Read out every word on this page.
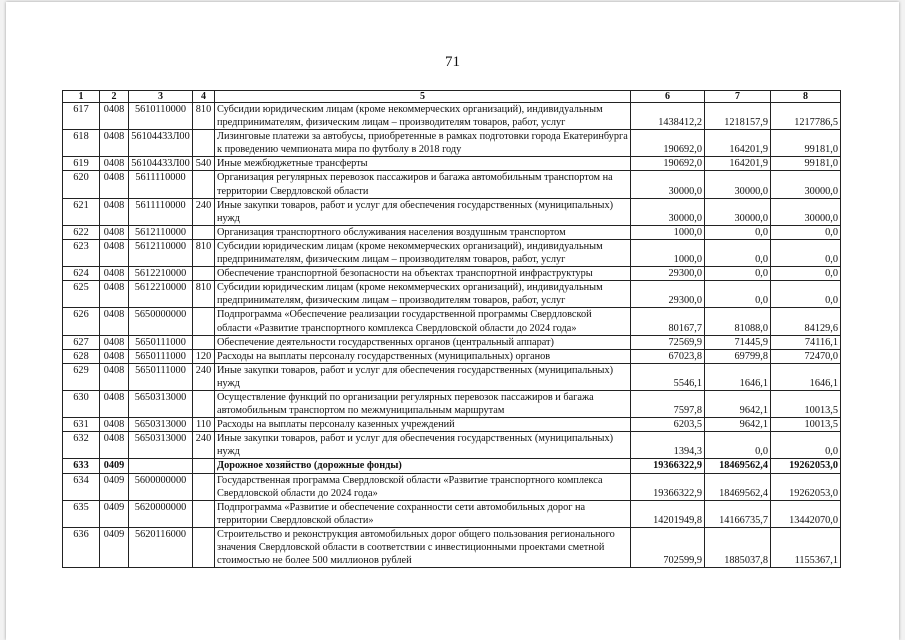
71
1	2	3	4	5	6	7	8
617	0408	5610110000	810	Субсидии юридическим лицам (кроме некоммерческих организаций), индивидуальным предпринимателям, физическим лицам – производителям товаров, работ, услуг	1438412,2	1218157,9	1217786,5
618	0408	56104433Л00		Лизинговые платежи за автобусы, приобретенные в рамках подготовки города Екатеринбурга к проведению чемпионата мира по футболу в 2018 году	190692,0	164201,9	99181,0
619	0408	56104433Л00	540	Иные межбюджетные трансферты	190692,0	164201,9	99181,0
620	0408	5611110000		Организация регулярных перевозок пассажиров и багажа автомобильным транспортом на территории Свердловской области	30000,0	30000,0	30000,0
621	0408	5611110000	240	Иные закупки товаров, работ и услуг для обеспечения государственных (муниципальных) нужд	30000,0	30000,0	30000,0
622	0408	5612110000		Организация транспортного обслуживания населения воздушным транспортом	1000,0	0,0	0,0
623	0408	5612110000	810	Субсидии юридическим лицам (кроме некоммерческих организаций), индивидуальным предпринимателям, физическим лицам – производителям товаров, работ, услуг	1000,0	0,0	0,0
624	0408	5612210000		Обеспечение транспортной безопасности на объектах транспортной инфраструктуры	29300,0	0,0	0,0
625	0408	5612210000	810	Субсидии юридическим лицам (кроме некоммерческих организаций), индивидуальным предпринимателям, физическим лицам – производителям товаров, работ, услуг	29300,0	0,0	0,0
626	0408	5650000000		Подпрограмма «Обеспечение реализации государственной программы Свердловской области «Развитие транспортного комплекса Свердловской области до 2024 года»	80167,7	81088,0	84129,6
627	0408	5650111000		Обеспечение деятельности государственных органов (центральный аппарат)	72569,9	71445,9	74116,1
628	0408	5650111000	120	Расходы на выплаты персоналу государственных (муниципальных) органов	67023,8	69799,8	72470,0
629	0408	5650111000	240	Иные закупки товаров, работ и услуг для обеспечения государственных (муниципальных) нужд	5546,1	1646,1	1646,1
630	0408	5650313000		Осуществление функций по организации регулярных перевозок пассажиров и багажа автомобильным транспортом по межмуниципальным маршрутам	7597,8	9642,1	10013,5
631	0408	5650313000	110	Расходы на выплаты персоналу казенных учреждений	6203,5	9642,1	10013,5
632	0408	5650313000	240	Иные закупки товаров, работ и услуг для обеспечения государственных (муниципальных) нужд	1394,3	0,0	0,0
633	0409			Дорожное хозяйство (дорожные фонды)	19366322,9	18469562,4	19262053,0
634	0409	5600000000		Государственная программа Свердловской области «Развитие транспортного комплекса Свердловской области до 2024 года»	19366322,9	18469562,4	19262053,0
635	0409	5620000000		Подпрограмма «Развитие и обеспечение сохранности сети автомобильных дорог на территории Свердловской области»	14201949,8	14166735,7	13442070,0
636	0409	5620116000		Строительство и реконструкция автомобильных дорог общего пользования регионального значения Свердловской области в соответствии с инвестиционными проектами сметной стоимостью не более 500 миллионов рублей	702599,9	1885037,8	1155367,1
